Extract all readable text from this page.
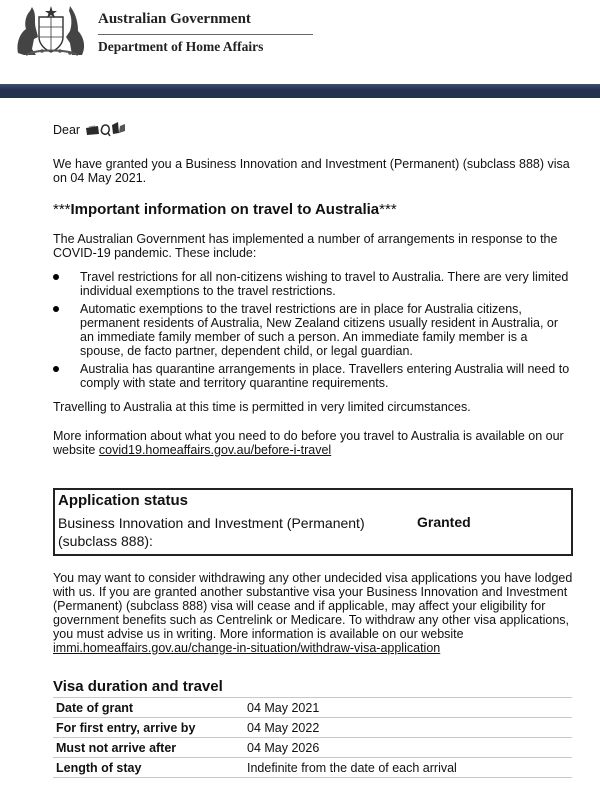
Australian Government
Department of Home Affairs

Dear

We have granted you a Business Innovation and Investment (Permanent) (subclass 888) visa on 04 May 2021.

***Important information on travel to Australia***

The Australian Government has implemented a number of arrangements in response to the COVID-19 pandemic. These include:

Travel restrictions for all non-citizens wishing to travel to Australia. There are very limited individual exemptions to the travel restrictions.
Automatic exemptions to the travel restrictions are in place for Australia citizens, permanent residents of Australia, New Zealand citizens usually resident in Australia, or an immediate family member of such a person. An immediate family member is a spouse, de facto partner, dependent child, or legal guardian.
Australia has quarantine arrangements in place. Travellers entering Australia will need to comply with state and territory quarantine requirements.

Travelling to Australia at this time is permitted in very limited circumstances.

More information about what you need to do before you travel to Australia is available on our website covid19.homeaffairs.gov.au/before-i-travel

Application status
Business Innovation and Investment (Permanent) (subclass 888):
Granted

You may want to consider withdrawing any other undecided visa applications you have lodged with us. If you are granted another substantive visa your Business Innovation and Investment (Permanent) (subclass 888) visa will cease and if applicable, may affect your eligibility for government benefits such as Centrelink or Medicare. To withdraw any other visa applications, you must advise us in writing. More information is available on our website immi.homeaffairs.gov.au/change-in-situation/withdraw-visa-application

Visa duration and travel
Date of grant	04 May 2021
For first entry, arrive by	04 May 2022
Must not arrive after	04 May 2026
Length of stay	Indefinite from the date of each arrival
